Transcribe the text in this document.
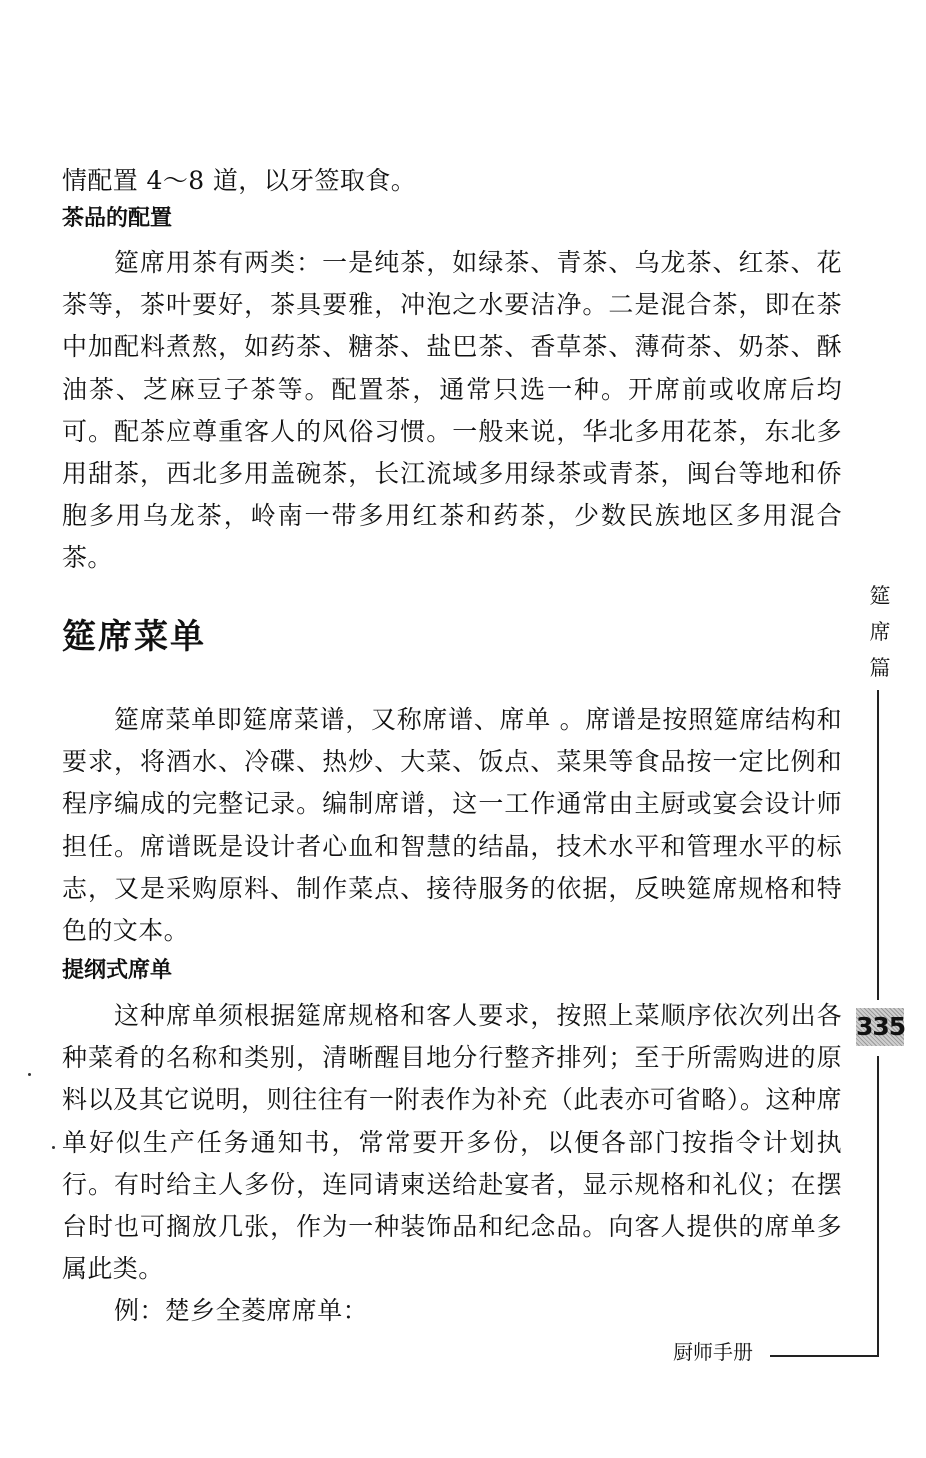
情配置 4～8 道，以牙签取食。

茶品的配置

筵席用茶有两类：一是纯茶，如绿茶、青茶、乌龙茶、红茶、花茶等，茶叶要好，茶具要雅，冲泡之水要洁净。二是混合茶，即在茶中加配料煮熬，如药茶、糖茶、盐巴茶、香草茶、薄荷茶、奶茶、酥油茶、芝麻豆子茶等。配置茶，通常只选一种。开席前或收席后均可。配茶应尊重客人的风俗习惯。一般来说，华北多用花茶，东北多用甜茶，西北多用盖碗茶，长江流域多用绿茶或青茶，闽台等地和侨胞多用乌龙茶，岭南一带多用红茶和药茶，少数民族地区多用混合茶。

筵席菜单

筵席菜单即筵席菜谱，又称席谱、席单 。席谱是按照筵席结构和要求，将酒水、冷碟、热炒、大菜、饭点、菜果等食品按一定比例和程序编成的完整记录。编制席谱，这一工作通常由主厨或宴会设计师担任。席谱既是设计者心血和智慧的结晶，技术水平和管理水平的标志，又是采购原料、制作菜点、接待服务的依据，反映筵席规格和特色的文本。

提纲式席单

这种席单须根据筵席规格和客人要求，按照上菜顺序依次列出各种菜肴的名称和类别，清晰醒目地分行整齐排列；至于所需购进的原料以及其它说明，则往往有一附表作为补充（此表亦可省略）。这种席单好似生产任务通知书，常常要开多份，以便各部门按指令计划执行。有时给主人多份，连同请柬送给赴宴者，显示规格和礼仪；在摆台时也可搁放几张，作为一种装饰品和纪念品。向客人提供的席单多属此类。

例：楚乡全菱席席单：

筵
席
篇
335
厨师手册
